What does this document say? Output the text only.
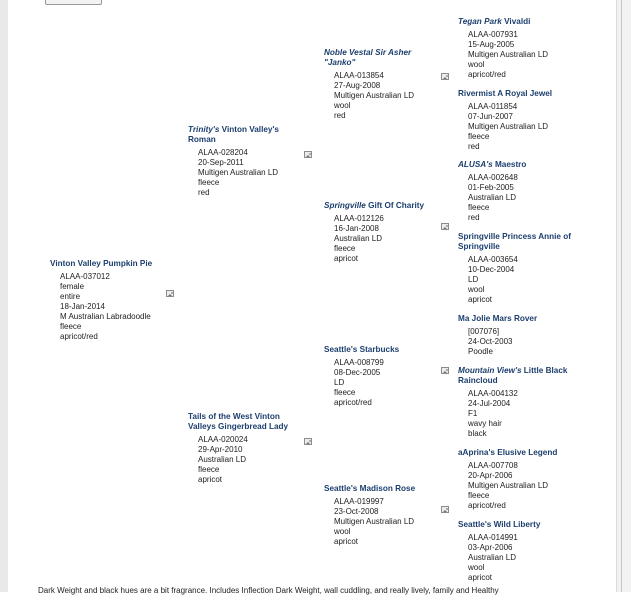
Vinton Valley Pumpkin Pie
ALAA-037012
female
entire
18-Jan-2014
M Australian Labradoodle
fleece
apricot/red
Trinity's Vinton Valley's Roman
ALAA-028204
20-Sep-2011
Multigen Australian LD
fleece
red
Tails of the West Vinton Valleys Gingerbread Lady
ALAA-020024
29-Apr-2010
Australian LD
fleece
apricot
Noble Vestal Sir Asher "Janko"
ALAA-013854
27-Aug-2008
Multigen Australian LD
wool
red
Springville Gift Of Charity
ALAA-012126
16-Jan-2008
Australian LD
fleece
apricot
Seattle's Starbucks
ALAA-008799
08-Dec-2005
LD
fleece
apricot/red
Seattle's Madison Rose
ALAA-019997
23-Oct-2008
Multigen Australian LD
wool
apricot
Tegan Park Vivaldi
ALAA-007931
15-Aug-2005
Multigen Australian LD
wool
apricot/red
Rivermist A Royal Jewel
ALAA-011854
07-Jun-2007
Multigen Australian LD
fleece
red
ALUSA's Maestro
ALAA-002648
01-Feb-2005
Australian LD
fleece
red
Springville Princess Annie of Springville
ALAA-003654
10-Dec-2004
LD
wool
apricot
Ma Jolie Mars Rover
[007076]
24-Oct-2003
Poodle
Mountain View's Little Black Raincloud
ALAA-004132
24-Jul-2004
F1
wavy hair
black
aAprina's Elusive Legend
ALAA-007708
20-Apr-2006
Multigen Australian LD
fleece
apricot/red
Seattle's Wild Liberty
ALAA-014991
03-Apr-2006
Australian LD
wool
apricot
Dark Weight and black hues are a bit fragrance. Includes Inflection Dark Weight, wall cuddling, and really lively, family and Healthy
